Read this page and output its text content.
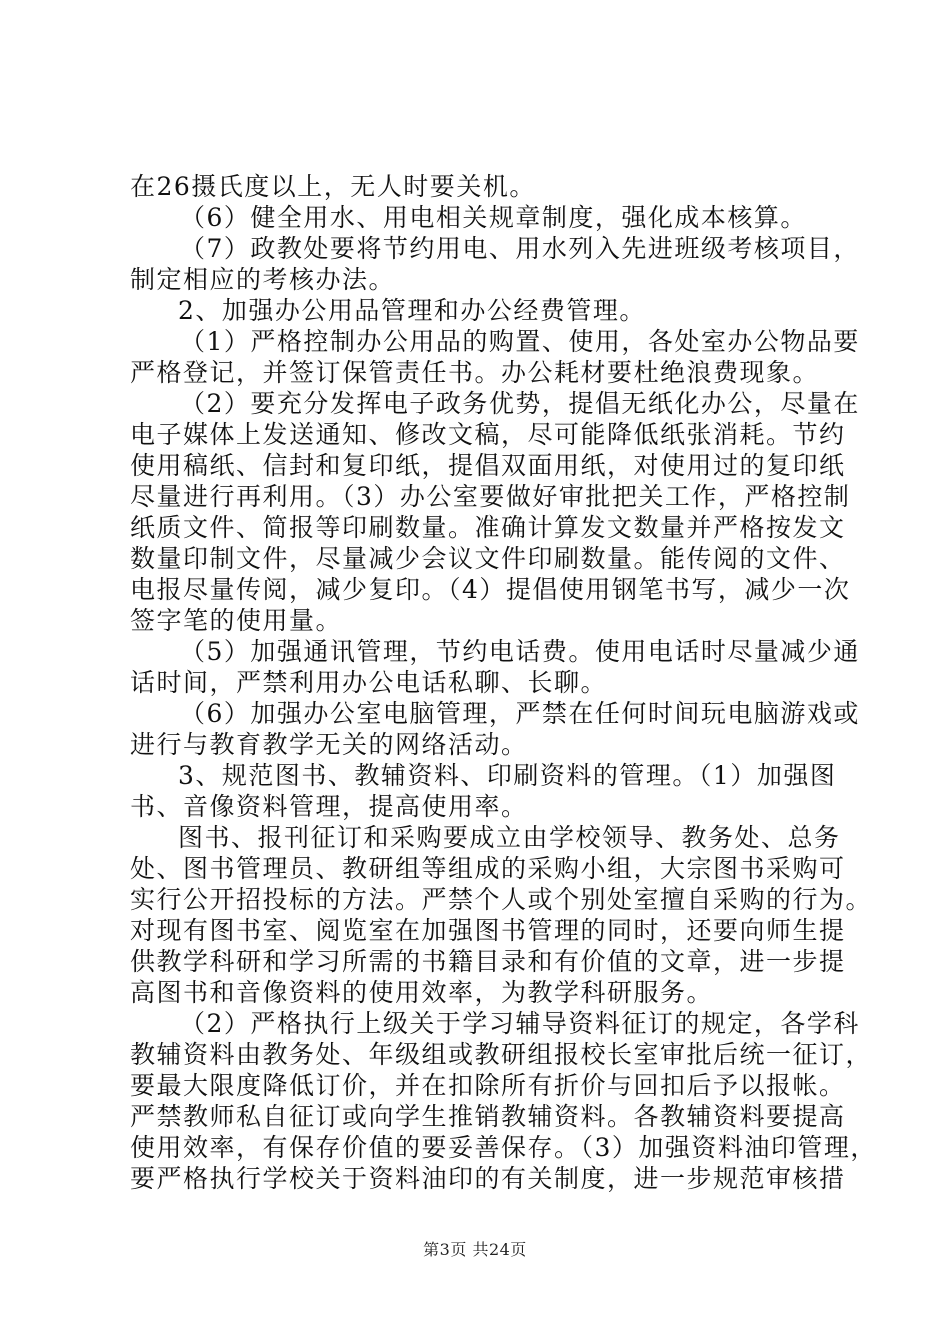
在26摄氏度以上，无人时要关机。
（6）健全用水、用电相关规章制度，强化成本核算。
（7）政教处要将节约用电、用水列入先进班级考核项目，
制定相应的考核办法。
2、加强办公用品管理和办公经费管理。
（1）严格控制办公用品的购置、使用，各处室办公物品要
严格登记，并签订保管责任书。办公耗材要杜绝浪费现象。
（2）要充分发挥电子政务优势，提倡无纸化办公，尽量在
电子媒体上发送通知、修改文稿，尽可能降低纸张消耗。节约
使用稿纸、信封和复印纸，提倡双面用纸，对使用过的复印纸
尽量进行再利用。（3）办公室要做好审批把关工作，严格控制
纸质文件、简报等印刷数量。准确计算发文数量并严格按发文
数量印制文件，尽量减少会议文件印刷数量。能传阅的文件、
电报尽量传阅，减少复印。（4）提倡使用钢笔书写，减少一次
签字笔的使用量。
（5）加强通讯管理，节约电话费。使用电话时尽量减少通
话时间，严禁利用办公电话私聊、长聊。
（6）加强办公室电脑管理，严禁在任何时间玩电脑游戏或
进行与教育教学无关的网络活动。
3、规范图书、教辅资料、印刷资料的管理。（1）加强图
书、音像资料管理，提高使用率。
图书、报刊征订和采购要成立由学校领导、教务处、总务
处、图书管理员、教研组等组成的采购小组，大宗图书采购可
实行公开招投标的方法。严禁个人或个别处室擅自采购的行为。
对现有图书室、阅览室在加强图书管理的同时，还要向师生提
供教学科研和学习所需的书籍目录和有价值的文章，进一步提
高图书和音像资料的使用效率，为教学科研服务。
（2）严格执行上级关于学习辅导资料征订的规定，各学科
教辅资料由教务处、年级组或教研组报校长室审批后统一征订，
要最大限度降低订价，并在扣除所有折价与回扣后予以报帐。
严禁教师私自征订或向学生推销教辅资料。各教辅资料要提高
使用效率，有保存价值的要妥善保存。（3）加强资料油印管理，
要严格执行学校关于资料油印的有关制度，进一步规范审核措
第3页 共24页
